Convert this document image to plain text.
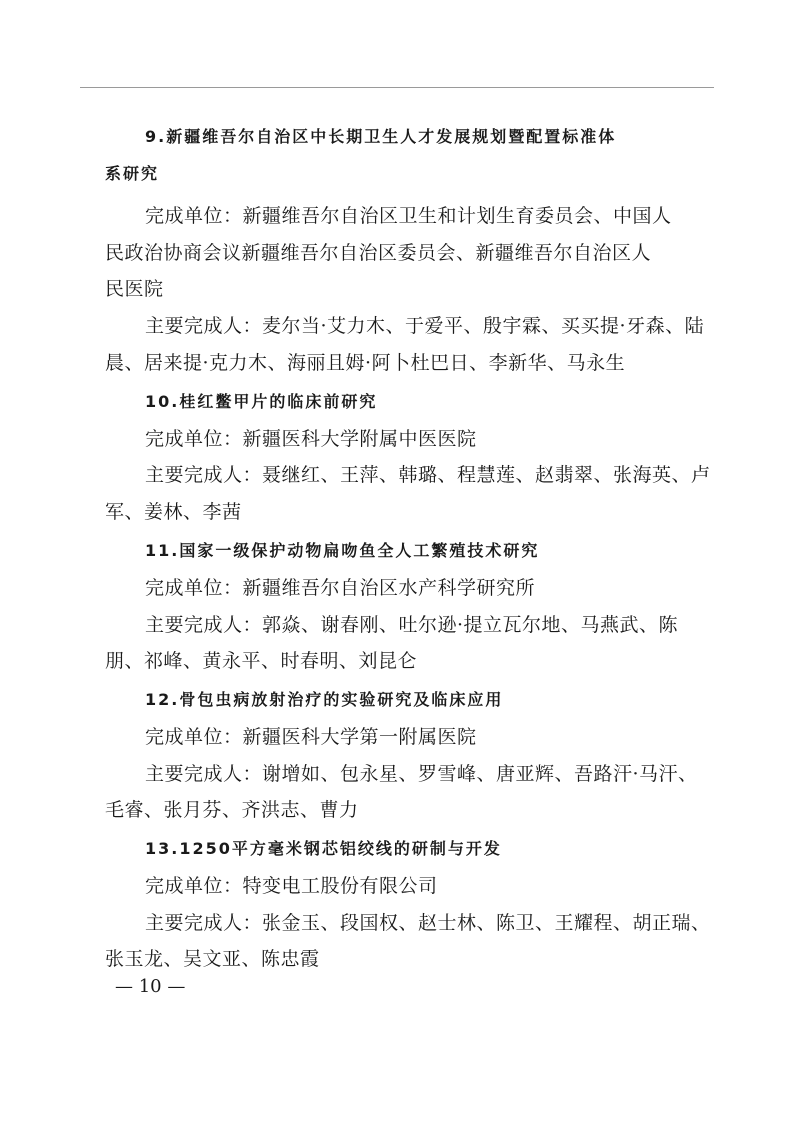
9.新疆维吾尔自治区中长期卫生人才发展规划暨配置标准体
系研究
完成单位：新疆维吾尔自治区卫生和计划生育委员会、中国人
民政治协商会议新疆维吾尔自治区委员会、新疆维吾尔自治区人
民医院
主要完成人：麦尔当·艾力木、于爱平、殷宇霖、买买提·牙森、陆
晨、居来提·克力木、海丽且姆·阿卜杜巴日、李新华、马永生
10.桂红鳖甲片的临床前研究
完成单位：新疆医科大学附属中医医院
主要完成人：聂继红、王萍、韩璐、程慧莲、赵翡翠、张海英、卢
军、姜林、李茜
11.国家一级保护动物扁吻鱼全人工繁殖技术研究
完成单位：新疆维吾尔自治区水产科学研究所
主要完成人：郭焱、谢春刚、吐尔逊·提立瓦尔地、马燕武、陈
朋、祁峰、黄永平、时春明、刘昆仑
12.骨包虫病放射治疗的实验研究及临床应用
完成单位：新疆医科大学第一附属医院
主要完成人：谢增如、包永星、罗雪峰、唐亚辉、吾路汗·马汗、
毛睿、张月芬、齐洪志、曹力
13.1250平方毫米钢芯铝绞线的研制与开发
完成单位：特变电工股份有限公司
主要完成人：张金玉、段国权、赵士林、陈卫、王耀程、胡正瑞、
张玉龙、吴文亚、陈忠霞
— 10 —
